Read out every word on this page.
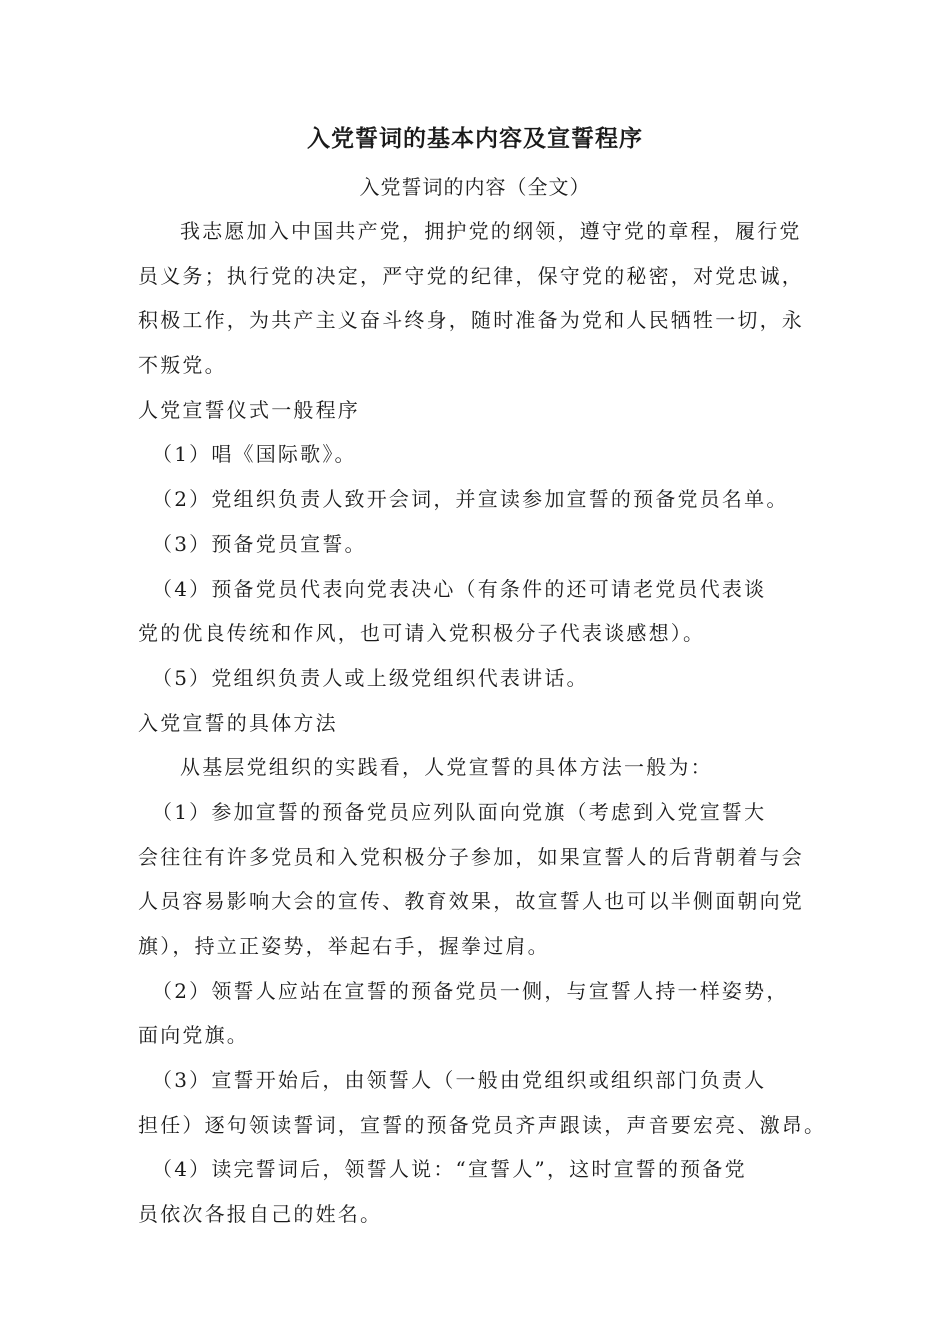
入党誓词的基本内容及宣誓程序
入党誓词的内容（全文）
我志愿加入中国共产党，拥护党的纲领，遵守党的章程，履行党
员义务；执行党的决定，严守党的纪律，保守党的秘密，对党忠诚，
积极工作，为共产主义奋斗终身，随时准备为党和人民牺牲一切，永
不叛党。
人党宣誓仪式一般程序
（1）唱《国际歌》。
（2）党组织负责人致开会词，并宣读参加宣誓的预备党员名单。
（3）预备党员宣誓。
（4）预备党员代表向党表决心（有条件的还可请老党员代表谈
党的优良传统和作风，也可请入党积极分子代表谈感想）。
（5）党组织负责人或上级党组织代表讲话。
入党宣誓的具体方法
从基层党组织的实践看，人党宣誓的具体方法一般为：
（1）参加宣誓的预备党员应列队面向党旗（考虑到入党宣誓大
会往往有许多党员和入党积极分子参加，如果宣誓人的后背朝着与会
人员容易影响大会的宣传、教育效果，故宣誓人也可以半侧面朝向党
旗），持立正姿势，举起右手，握拳过肩。
（2）领誓人应站在宣誓的预备党员一侧，与宣誓人持一样姿势，
面向党旗。
（3）宣誓开始后，由领誓人（一般由党组织或组织部门负责人
担任）逐句领读誓词，宣誓的预备党员齐声跟读，声音要宏亮、激昂。
（4）读完誓词后，领誓人说：“宣誓人”，这时宣誓的预备党
员依次各报自己的姓名。
